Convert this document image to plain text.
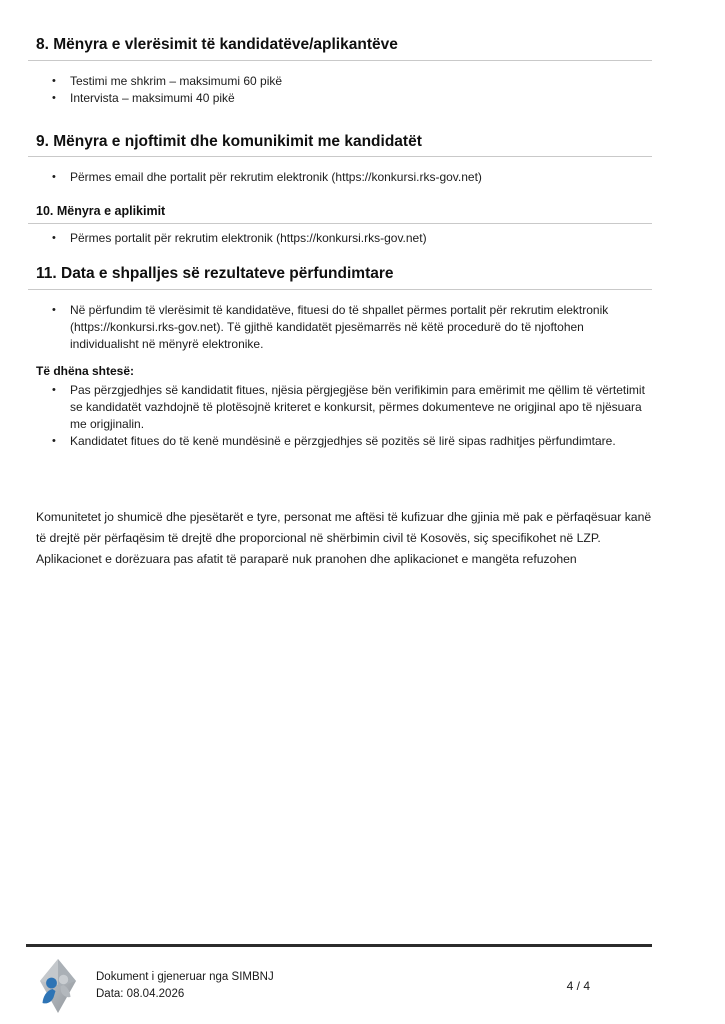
8. Mënyra e vlerësimit të kandidatëve/aplikantëve
• Testimi me shkrim – maksimumi 60 pikë
• Intervista – maksimumi 40 pikë
9. Mënyra e njoftimit dhe komunikimit me kandidatët
• Përmes email dhe portalit për rekrutim elektronik (https://konkursi.rks-gov.net)
10. Mënyra e aplikimit
• Përmes portalit për rekrutim elektronik (https://konkursi.rks-gov.net)
11. Data e shpalljes së rezultateve përfundimtare
• Në përfundim të vlerësimit të kandidatëve, fituesi do të shpallet përmes portalit për rekrutim elektronik (https://konkursi.rks-gov.net). Të gjithë kandidatët pjesëmarrës në këtë procedurë do të njoftohen individualisht në mënyrë elektronike.
Të dhëna shtesë:
• Pas përzgjedhjes së kandidatit fitues, njësia përgjegjëse bën verifikimin para emërimit me qëllim të vërtetimit se kandidatët vazhdojnë të plotësojnë kriteret e konkursit, përmes dokumenteve ne origjinal apo të njësuara me origjinalin.
• Kandidatet fitues do të kenë mundësinë e përzgjedhjes së pozitës së lirë sipas radhitjes përfundimtare.
Komunitetet jo shumicë dhe pjesëtarët e tyre, personat me aftësi të kufizuar dhe gjinia më pak e përfaqësuar kanë të drejtë për përfaqësim të drejtë dhe proporcional në shërbimin civil të Kosovës, siç specifikohet në LZP. Aplikacionet e dorëzuara pas afatit të paraparë nuk pranohen dhe aplikacionet e mangëta refuzohen
Dokument i gjeneruar nga SIMBNJ
Data: 08.04.2026
4 / 4
